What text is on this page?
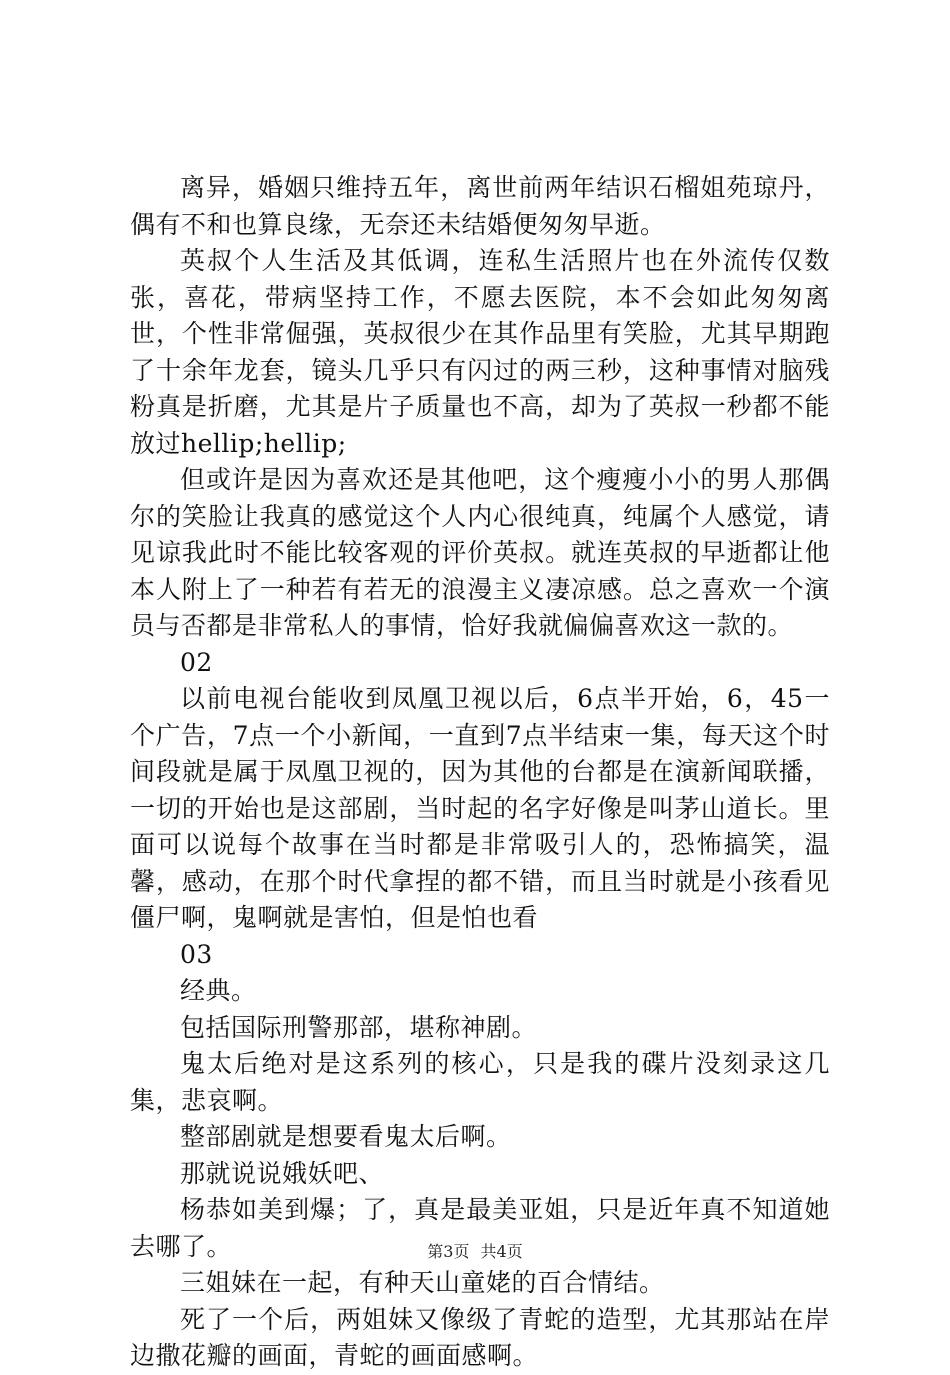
离异，婚姻只维持五年，离世前两年结识石榴姐苑琼丹，偶有不和也算良缘，无奈还未结婚便匆匆早逝。

英叔个人生活及其低调，连私生活照片也在外流传仅数张，喜花，带病坚持工作，不愿去医院，本不会如此匆匆离世，个性非常倔强，英叔很少在其作品里有笑脸，尤其早期跑了十余年龙套，镜头几乎只有闪过的两三秒，这种事情对脑残粉真是折磨，尤其是片子质量也不高，却为了英叔一秒都不能放过hellip;hellip;

但或许是因为喜欢还是其他吧，这个瘦瘦小小的男人那偶尔的笑脸让我真的感觉这个人内心很纯真，纯属个人感觉，请见谅我此时不能比较客观的评价英叔。就连英叔的早逝都让他本人附上了一种若有若无的浪漫主义凄凉感。总之喜欢一个演员与否都是非常私人的事情，恰好我就偏偏喜欢这一款的。

02

以前电视台能收到凤凰卫视以后，6点半开始，6，45一个广告，7点一个小新闻，一直到7点半结束一集，每天这个时间段就是属于凤凰卫视的，因为其他的台都是在演新闻联播，一切的开始也是这部剧，当时起的名字好像是叫茅山道长。里面可以说每个故事在当时都是非常吸引人的，恐怖搞笑，温馨，感动，在那个时代拿捏的都不错，而且当时就是小孩看见僵尸啊，鬼啊就是害怕，但是怕也看

03

经典。

包括国际刑警那部，堪称神剧。

鬼太后绝对是这系列的核心，只是我的碟片没刻录这几集，悲哀啊。

整部剧就是想要看鬼太后啊。

那就说说娥妖吧、

杨恭如美到爆；了，真是最美亚姐，只是近年真不知道她去哪了。

三姐妹在一起，有种天山童姥的百合情结。

死了一个后，两姐妹又像级了青蛇的造型，尤其那站在岸边撒花瓣的画面，青蛇的画面感啊。

第3页 共4页
